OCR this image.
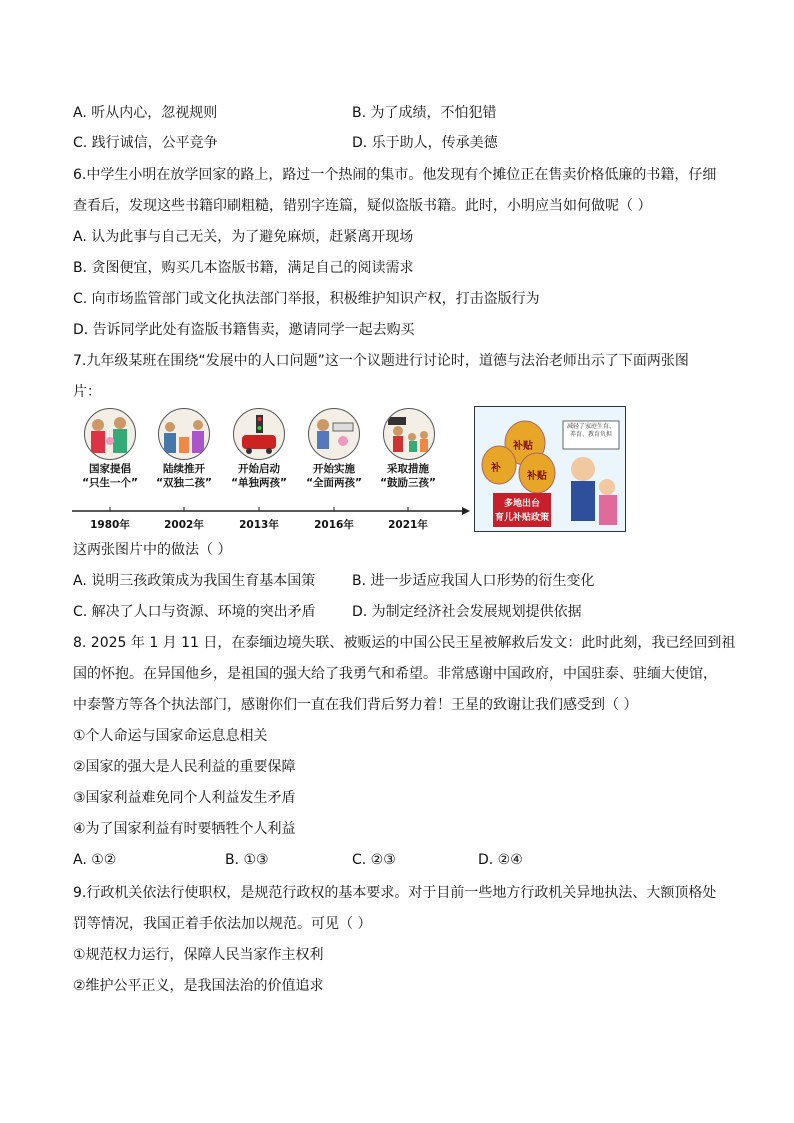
A. 听从内心，忽视规则	B. 为了成绩，不怕犯错
C. 践行诚信，公平竞争	D. 乐于助人，传承美德
6.中学生小明在放学回家的路上，路过一个热闹的集市。他发现有个摊位正在售卖价格低廉的书籍，仔细
查看后，发现这些书籍印刷粗糙，错别字连篇，疑似盗版书籍。此时，小明应当如何做呢（ ）
A. 认为此事与自己无关，为了避免麻烦，赶紧离开现场
B. 贪图便宜，购买几本盗版书籍，满足自己的阅读需求
C. 向市场监管部门或文化执法部门举报，积极维护知识产权，打击盗版行为
D. 告诉同学此处有盗版书籍售卖，邀请同学一起去购买
7.九年级某班在围绕“发展中的人口问题”这一个议题进行讨论时，道德与法治老师出示了下面两张图
片：
国家提倡
“只生一个”
陆续推开
“双独二孩”
开始启动
“单独两孩”
开始实施
“全面两孩”
采取措施
“鼓励三孩”
1980年	2002年	2013年	2016年	2021年
补贴
补
补贴
减轻了家庭生育、养育、教育负担
多地出台
育儿补贴政策
这两张图片中的做法（ ）
A. 说明三孩政策成为我国生育基本国策	B. 进一步适应我国人口形势的衍生变化
C. 解决了人口与资源、环境的突出矛盾	D. 为制定经济社会发展规划提供依据
8. 2025 年 1 月 11 日，在泰缅边境失联、被贩运的中国公民王星被解救后发文：此时此刻，我已经回到祖
国的怀抱。在异国他乡，是祖国的强大给了我勇气和希望。非常感谢中国政府，中国驻泰、驻缅大使馆，
中泰警方等各个执法部门，感谢你们一直在我们背后努力着！王星的致谢让我们感受到（ ）
①个人命运与国家命运息息相关
②国家的强大是人民利益的重要保障
③国家利益难免同个人利益发生矛盾
④为了国家利益有时要牺牲个人利益
A. ①②	B. ①③	C. ②③	D. ②④
9.行政机关依法行使职权，是规范行政权的基本要求。对于目前一些地方行政机关异地执法、大额顶格处
罚等情况，我国正着手依法加以规范。可见（ ）
①规范权力运行，保障人民当家作主权利
②维护公平正义，是我国法治的价值追求
